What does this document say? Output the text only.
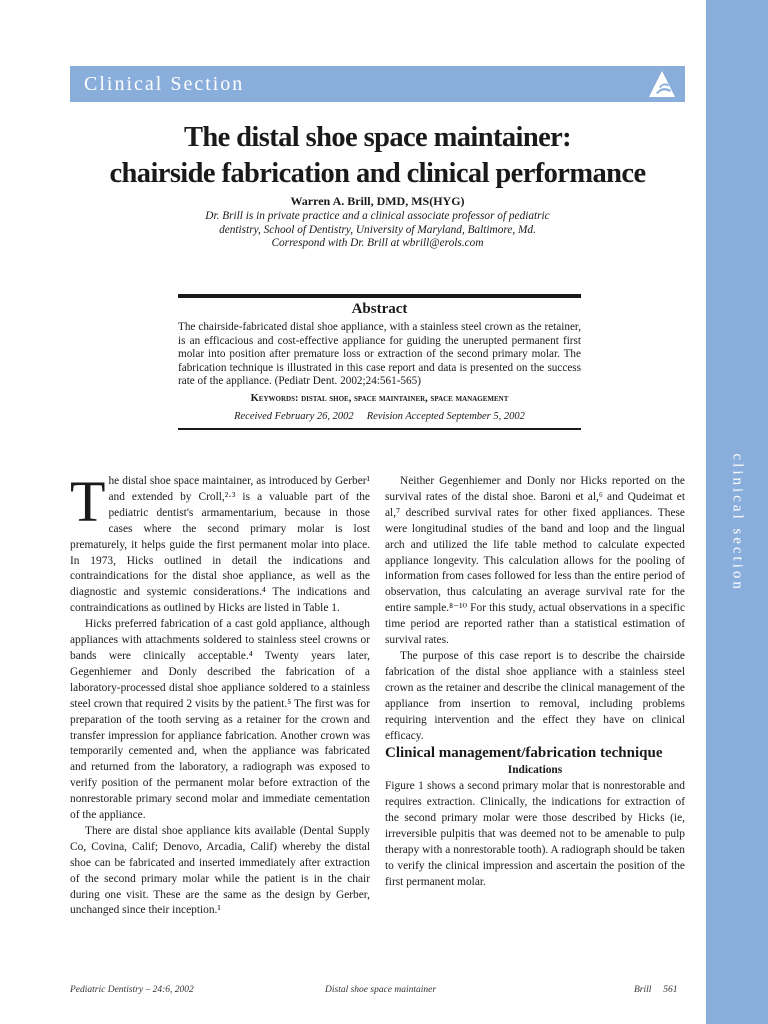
clinical section
Clinical Section
The distal shoe space maintainer:
chairside fabrication and clinical performance
Warren A. Brill, DMD, MS(HYG)
Dr. Brill is in private practice and a clinical associate professor of pediatric
dentistry, School of Dentistry, University of Maryland, Baltimore, Md.
Correspond with Dr. Brill at wbrill@erols.com
Abstract
The chairside-fabricated distal shoe appliance, with a stainless steel crown as the retainer, is an efficacious and cost-effective appliance for guiding the unerupted permanent first molar into position after premature loss or extraction of the second primary molar. The fabrication technique is illustrated in this case report and data is presented on the success rate of the appliance. (Pediatr Dent. 2002;24:561-565)
Keywords: distal shoe, space maintainer, space management
Received February 26, 2002 Revision Accepted September 5, 2002

The distal shoe space maintainer, as introduced by Gerber¹ and extended by Croll,²·³ is a valuable part of the pediatric dentist's armamentarium, because in those cases where the second primary molar is lost prematurely, it helps guide the first permanent molar into place. In 1973, Hicks outlined in detail the indications and contraindications for the distal shoe appliance, as well as the diagnostic and systemic considerations.⁴ The indications and contraindications as outlined by Hicks are listed in Table 1.

Hicks preferred fabrication of a cast gold appliance, although appliances with attachments soldered to stainless steel crowns or bands were clinically acceptable.⁴ Twenty years later, Gegenhiemer and Donly described the fabrication of a laboratory-processed distal shoe appliance soldered to a stainless steel crown that required 2 visits by the patient.⁵ The first was for preparation of the tooth serving as a retainer for the crown and transfer impression for appliance fabrication. Another crown was temporarily cemented and, when the appliance was fabricated and returned from the laboratory, a radiograph was exposed to verify position of the permanent molar before extraction of the nonrestorable primary second molar and immediate cementation of the appliance.

There are distal shoe appliance kits available (Dental Supply Co, Covina, Calif; Denovo, Arcadia, Calif) whereby the distal shoe can be fabricated and inserted immediately after extraction of the second primary molar while the patient is in the chair during one visit. These are the same as the design by Gerber, unchanged since their inception.¹

Neither Gegenhiemer and Donly nor Hicks reported on the survival rates of the distal shoe. Baroni et al,⁶ and Qudeimat et al,⁷ described survival rates for other fixed appliances. These were longitudinal studies of the band and loop and the lingual arch and utilized the life table method to calculate expected appliance longevity. This calculation allows for the pooling of information from cases followed for less than the entire period of observation, thus calculating an average survival rate for the entire sample.⁸⁻¹⁰ For this study, actual observations in a specific time period are reported rather than a statistical estimation of survival rates.

The purpose of this case report is to describe the chairside fabrication of the distal shoe appliance with a stainless steel crown as the retainer and describe the clinical management of the appliance from insertion to removal, including problems requiring intervention and the effect they have on clinical efficacy.

Clinical management/fabrication technique

Indications

Figure 1 shows a second primary molar that is nonrestorable and requires extraction. Clinically, the indications for extraction of the second primary molar were those described by Hicks (ie, irreversible pulpitis that was deemed not to be amenable to pulp therapy with a nonrestorable tooth). A radiograph should be taken to verify the clinical impression and ascertain the position of the first permanent molar.

Pediatric Dentistry – 24:6, 2002	Distal shoe space maintainer	Brill 561
